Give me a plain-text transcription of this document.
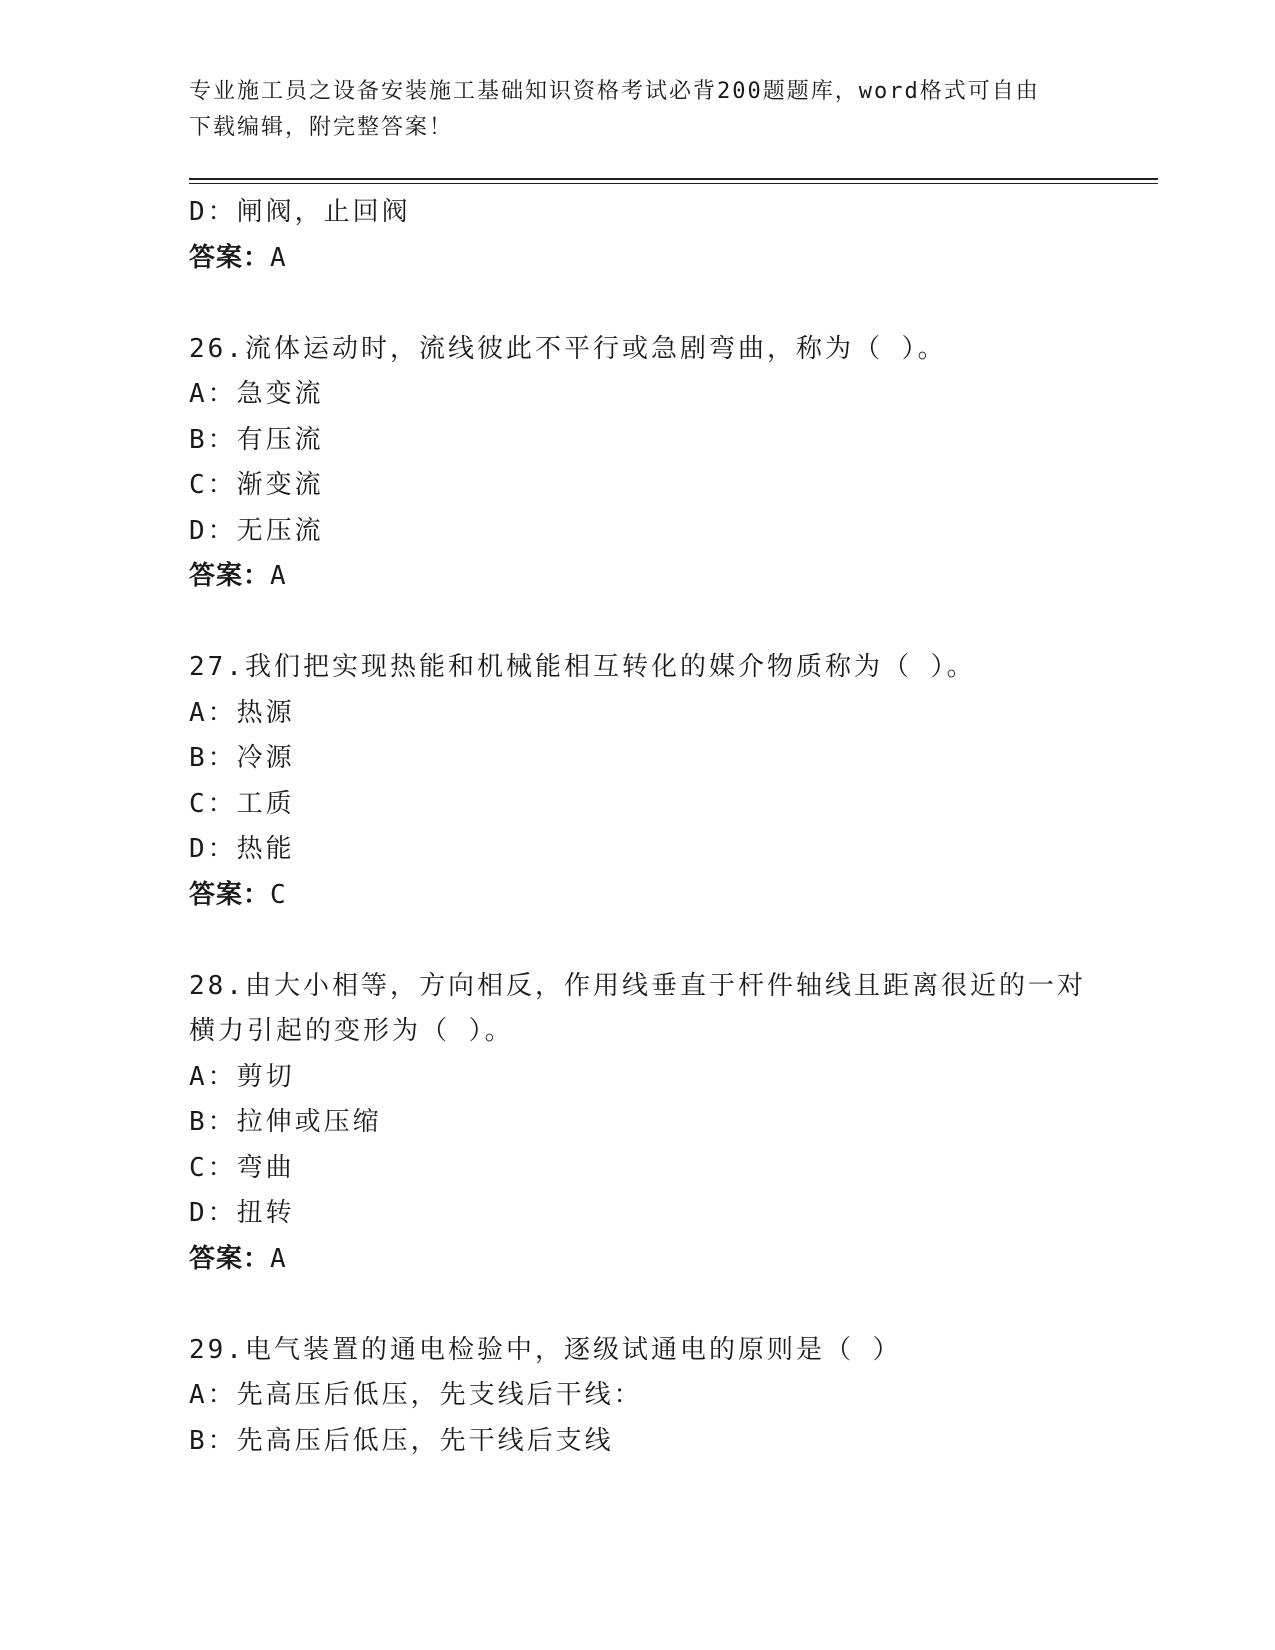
专业施工员之设备安装施工基础知识资格考试必背200题题库，word格式可自由
下载编辑，附完整答案！
D：闸阀，止回阀
答案：A
26.流体运动时，流线彼此不平行或急剧弯曲，称为（ ）。
A：急变流
B：有压流
C：渐变流
D：无压流
答案：A
27.我们把实现热能和机械能相互转化的媒介物质称为（ ）。
A：热源
B：冷源
C：工质
D：热能
答案：C
28.由大小相等，方向相反，作用线垂直于杆件轴线且距离很近的一对
横力引起的变形为（ ）。
A：剪切
B：拉伸或压缩
C：弯曲
D：扭转
答案：A
29.电气装置的通电检验中，逐级试通电的原则是（ ）
A：先高压后低压，先支线后干线：
B：先高压后低压，先干线后支线
